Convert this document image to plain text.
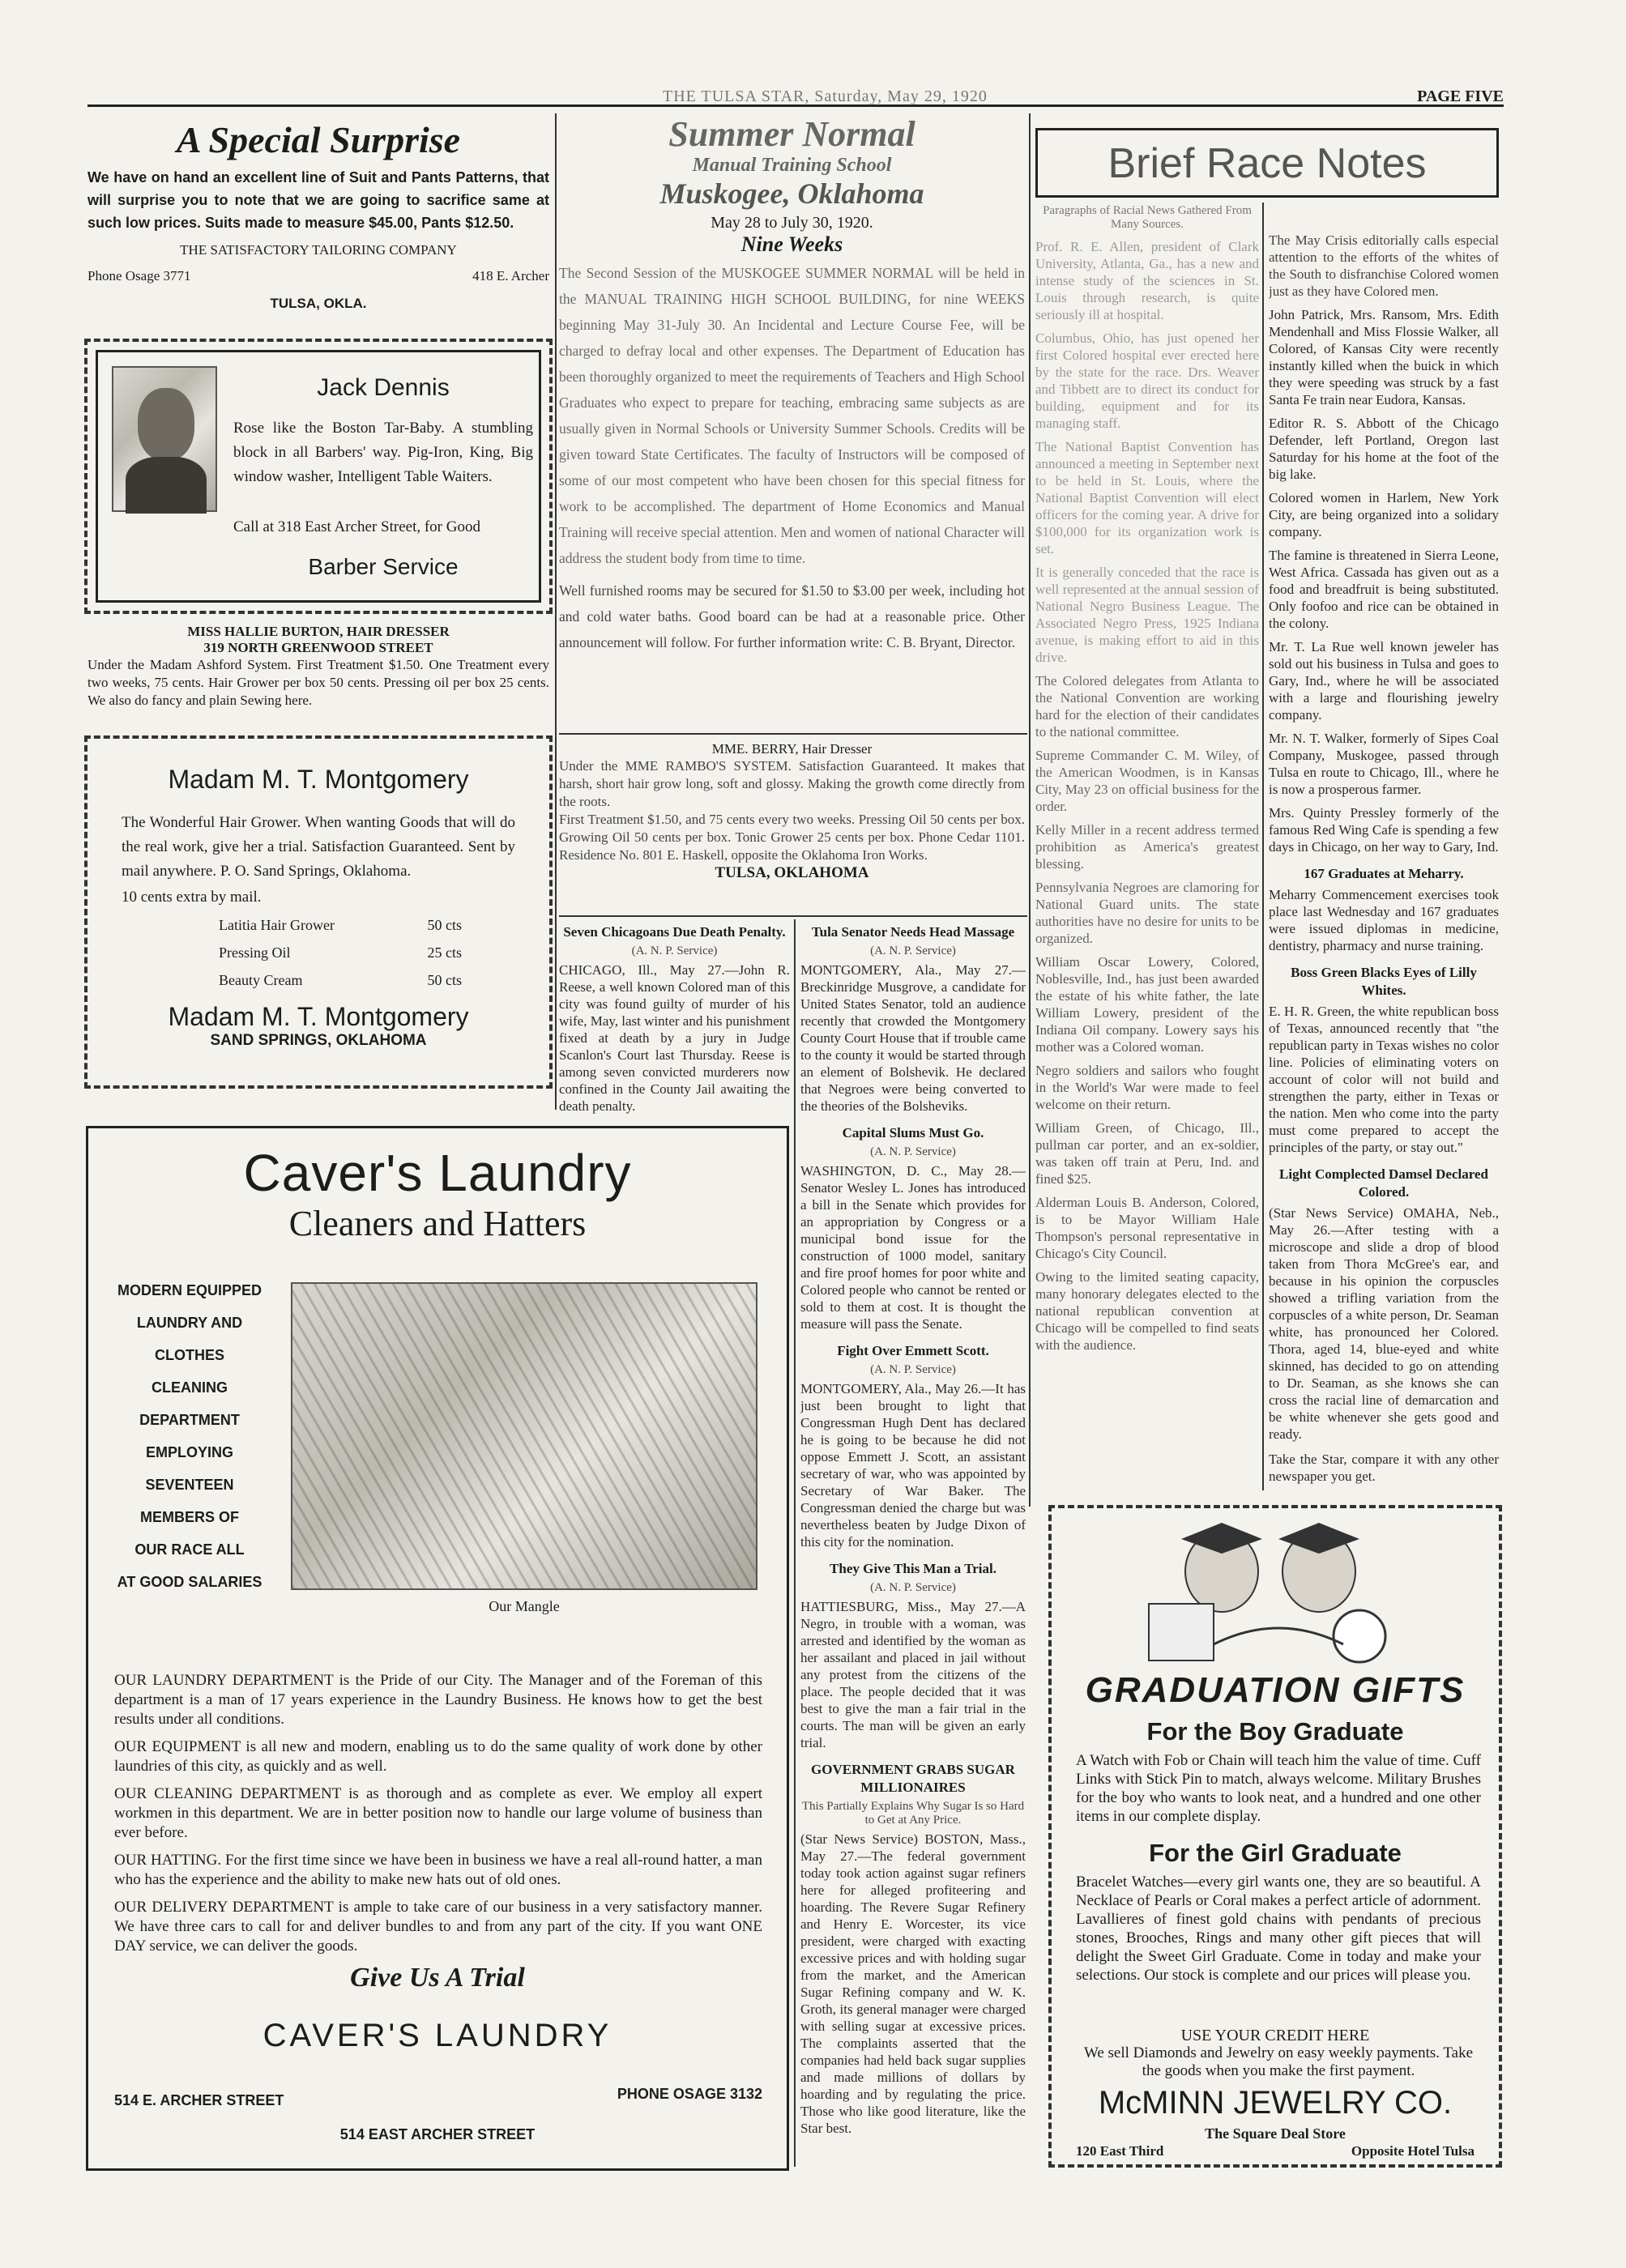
THE TULSA STAR, Saturday, May 29, 1920	PAGE FIVE
A Special Surprise

We have on hand an excellent line of Suit and Pants Patterns, that will surprise you to note that we are going to sacrifice same at such low prices. Suits made to measure $45.00, Pants $12.50.

THE SATISFACTORY TAILORING COMPANY
Phone Osage 3771	418 E. Archer
TULSA, OKLA.
Jack Dennis

Rose like the Boston Tar-Baby. A stumbling block in all Barbers' way. Pig-Iron, King, Big window washer, Intelligent Table Waiters.

Call at 318 East Archer Street, for Good

Barber Service
MISS HALLIE BURTON, HAIR DRESSER
319 NORTH GREENWOOD STREET

Under the Madam Ashford System. First Treatment $1.50. One Treatment every two weeks, 75 cents. Hair Grower per box 50 cents. Pressing oil per box 25 cents. We also do fancy and plain Sewing here.

Madam M. T. Montgomery

The Wonderful Hair Grower. When wanting Goods that will do the real work, give her a trial. Satisfaction Guaranteed. Sent by mail anywhere. P. O. Sand Springs, Oklahoma.

10 cents extra by mail.
Latitia Hair Grower	50 cts
Pressing Oil	25 cts
Beauty Cream	50 cts
Madam M. T. Montgomery
SAND SPRINGS, OKLAHOMA
Summer Normal
Manual Training School
Muskogee, Oklahoma
May 28 to July 30, 1920.
Nine Weeks

The Second Session of the MUSKOGEE SUMMER NORMAL will be held in the MANUAL TRAINING HIGH SCHOOL BUILDING, for nine WEEKS beginning May 31-July 30. An Incidental and Lecture Course Fee, will be charged to defray local and other expenses. The Department of Education has been thoroughly organized to meet the requirements of Teachers and High School Graduates who expect to prepare for teaching, embracing same subjects as are usually given in Normal Schools or University Summer Schools. Credits will be given toward State Certificates. The faculty of Instructors will be composed of some of our most competent who have been chosen for this special fitness for work to be accomplished. The department of Home Economics and Manual Training will receive special attention. Men and women of national Character will address the student body from time to time.

Well furnished rooms may be secured for $1.50 to $3.00 per week, including hot and cold water baths. Good board can be had at a reasonable price. Other announcement will follow. For further information write: C. B. Bryant, Director.

MME. BERRY, Hair Dresser

Under the MME RAMBO'S SYSTEM. Satisfaction Guaranteed. It makes that harsh, short hair grow long, soft and glossy. Making the growth come directly from the roots.

First Treatment $1.50, and 75 cents every two weeks. Pressing Oil 50 cents per box. Growing Oil 50 cents per box. Tonic Grower 25 cents per box. Phone Cedar 1101. Residence No. 801 E. Haskell, opposite the Oklahoma Iron Works.

TULSA, OKLAHOMA
Seven Chicagoans Due Death Penalty.
(A. N. P. Service)

CHICAGO, Ill., May 27.—John R. Reese, a well known Colored man of this city was found guilty of murder of his wife, May, last winter and his punishment fixed at death by a jury in Judge Scanlon's Court last Thursday. Reese is among seven convicted murderers now confined in the County Jail awaiting the death penalty.

Tula Senator Needs Head Massage
(A. N. P. Service)

MONTGOMERY, Ala., May 27.—Breckinridge Musgrove, a candidate for United States Senator, told an audience recently that crowded the Montgomery County Court House that if trouble came to the county it would be started through an element of Bolshevik. He declared that Negroes were being converted to the theories of the Bolsheviks.

Capital Slums Must Go.
(A. N. P. Service)

WASHINGTON, D. C., May 28.—Senator Wesley L. Jones has introduced a bill in the Senate which provides for an appropriation by Congress or a municipal bond issue for the construction of 1000 model, sanitary and fire proof homes for poor white and Colored people who cannot be rented or sold to them at cost. It is thought the measure will pass the Senate.

Fight Over Emmett Scott.
(A. N. P. Service)

MONTGOMERY, Ala., May 26.—It has just been brought to light that Congressman Hugh Dent has declared he is going to be because he did not oppose Emmett J. Scott, an assistant secretary of war, who was appointed by Secretary of War Baker. The Congressman denied the charge but was nevertheless beaten by Judge Dixon of this city for the nomination.

They Give This Man a Trial.
(A. N. P. Service)

HATTIESBURG, Miss., May 27.—A Negro, in trouble with a woman, was arrested and identified by the woman as her assailant and placed in jail without any protest from the citizens of the place. The people decided that it was best to give the man a fair trial in the courts. The man will be given an early trial.

GOVERNMENT GRABS SUGAR MILLIONAIRES
This Partially Explains Why Sugar Is so Hard to Get at Any Price.

(Star News Service) BOSTON, Mass., May 27.—The federal government today took action against sugar refiners here for alleged profiteering and hoarding. The Revere Sugar Refinery and Henry E. Worcester, its vice president, were charged with exacting excessive prices and with holding sugar from the market, and the American Sugar Refining company and W. K. Groth, its general manager were charged with selling sugar at excessive prices. The complaints asserted that the companies had held back sugar supplies and made millions of dollars by hoarding and by regulating the price. Those who like good literature, like the Star best.

Brief Race Notes
Paragraphs of Racial News Gathered From Many Sources.

Prof. R. E. Allen, president of Clark University, Atlanta, Ga., has a new and intense study of the sciences in St. Louis through research, is quite seriously ill at hospital.

Columbus, Ohio, has just opened her first Colored hospital ever erected here by the state for the race. Drs. Weaver and Tibbett are to direct its conduct for building, equipment and for its managing staff.

The National Baptist Convention has announced a meeting in September next to be held in St. Louis, where the National Baptist Convention will elect officers for the coming year. A drive for $100,000 for its organization work is set.

It is generally conceded that the race is well represented at the annual session of National Negro Business League. The Associated Negro Press, 1925 Indiana avenue, is making effort to aid in this drive.

The Colored delegates from Atlanta to the National Convention are working hard for the election of their candidates to the national committee.

Supreme Commander C. M. Wiley, of the American Woodmen, is in Kansas City, May 23 on official business for the order.

Kelly Miller in a recent address termed prohibition as America's greatest blessing.

Pennsylvania Negroes are clamoring for National Guard units. The state authorities have no desire for units to be organized.

William Oscar Lowery, Colored, Noblesville, Ind., has just been awarded the estate of his white father, the late William Lowery, president of the Indiana Oil company. Lowery says his mother was a Colored woman.

Negro soldiers and sailors who fought in the World's War were made to feel welcome on their return.

William Green, of Chicago, Ill., pullman car porter, and an ex-soldier, was taken off train at Peru, Ind. and fined $25.

Alderman Louis B. Anderson, Colored, is to be Mayor William Hale Thompson's personal representative in Chicago's City Council.

Owing to the limited seating capacity, many honorary delegates elected to the national republican convention at Chicago will be compelled to find seats with the audience.

The May Crisis editorially calls especial attention to the efforts of the whites of the South to disfranchise Colored women just as they have Colored men.

John Patrick, Mrs. Ransom, Mrs. Edith Mendenhall and Miss Flossie Walker, all Colored, of Kansas City were recently instantly killed when the buick in which they were speeding was struck by a fast Santa Fe train near Eudora, Kansas.

Editor R. S. Abbott of the Chicago Defender, left Portland, Oregon last Saturday for his home at the foot of the big lake.

Colored women in Harlem, New York City, are being organized into a solidary company.

The famine is threatened in Sierra Leone, West Africa. Cassada has given out as a food and breadfruit is being substituted. Only foofoo and rice can be obtained in the colony.

Mr. T. La Rue well known jeweler has sold out his business in Tulsa and goes to Gary, Ind., where he will be associated with a large and flourishing jewelry company.

Mr. N. T. Walker, formerly of Sipes Coal Company, Muskogee, passed through Tulsa en route to Chicago, Ill., where he is now a prosperous farmer.

Mrs. Quinty Pressley formerly of the famous Red Wing Cafe is spending a few days in Chicago, on her way to Gary, Ind.

167 Graduates at Meharry.

Meharry Commencement exercises took place last Wednesday and 167 graduates were issued diplomas in medicine, dentistry, pharmacy and nurse training.

Boss Green Blacks Eyes of Lilly Whites.

E. H. R. Green, the white republican boss of Texas, announced recently that "the republican party in Texas wishes no color line. Policies of eliminating voters on account of color will not build and strengthen the party, either in Texas or the nation. Men who come into the party must come prepared to accept the principles of the party, or stay out."

Light Complected Damsel Declared Colored.

(Star News Service) OMAHA, Neb., May 26.—After testing with a microscope and slide a drop of blood taken from Thora McGree's ear, and because in his opinion the corpuscles showed a trifling variation from the corpuscles of a white person, Dr. Seaman white, has pronounced her Colored. Thora, aged 14, blue-eyed and white skinned, has decided to go on attending to Dr. Seaman, as she knows she can cross the racial line of demarcation and be white whenever she gets good and ready.

Take the Star, compare it with any other newspaper you get.

Caver's Laundry
Cleaners and Hatters
MODERN EQUIPPED
LAUNDRY AND
CLOTHES
CLEANING
DEPARTMENT
EMPLOYING
SEVENTEEN
MEMBERS OF
OUR RACE ALL
AT GOOD SALARIES
Our Mangle

OUR LAUNDRY DEPARTMENT is the Pride of our City. The Manager and of the Foreman of this department is a man of 17 years experience in the Laundry Business. He knows how to get the best results under all conditions.

OUR EQUIPMENT is all new and modern, enabling us to do the same quality of work done by other laundries of this city, as quickly and as well.

OUR CLEANING DEPARTMENT is as thorough and as complete as ever. We employ all expert workmen in this department. We are in better position now to handle our large volume of business than ever before.

OUR HATTING. For the first time since we have been in business we have a real all-round hatter, a man who has the experience and the ability to make new hats out of old ones.

OUR DELIVERY DEPARTMENT is ample to take care of our business in a very satisfactory manner. We have three cars to call for and deliver bundles to and from any part of the city. If you want ONE DAY service, we can deliver the goods.

Give Us A Trial
CAVER'S LAUNDRY
514 E. ARCHER STREET	PHONE OSAGE 3132
514 EAST ARCHER STREET
GRADUATION GIFTS
For the Boy Graduate

A Watch with Fob or Chain will teach him the value of time. Cuff Links with Stick Pin to match, always welcome. Military Brushes for the boy who wants to look neat, and a hundred and one other items in our complete display.

For the Girl Graduate

Bracelet Watches—every girl wants one, they are so beautiful. A Necklace of Pearls or Coral makes a perfect article of adornment. Lavallieres of finest gold chains with pendants of precious stones, Brooches, Rings and many other gift pieces that will delight the Sweet Girl Graduate. Come in today and make your selections. Our stock is complete and our prices will please you.

USE YOUR CREDIT HERE

We sell Diamonds and Jewelry on easy weekly payments. Take the goods when you make the first payment.

McMINN JEWELRY CO.
The Square Deal Store
120 East Third	Opposite Hotel Tulsa
